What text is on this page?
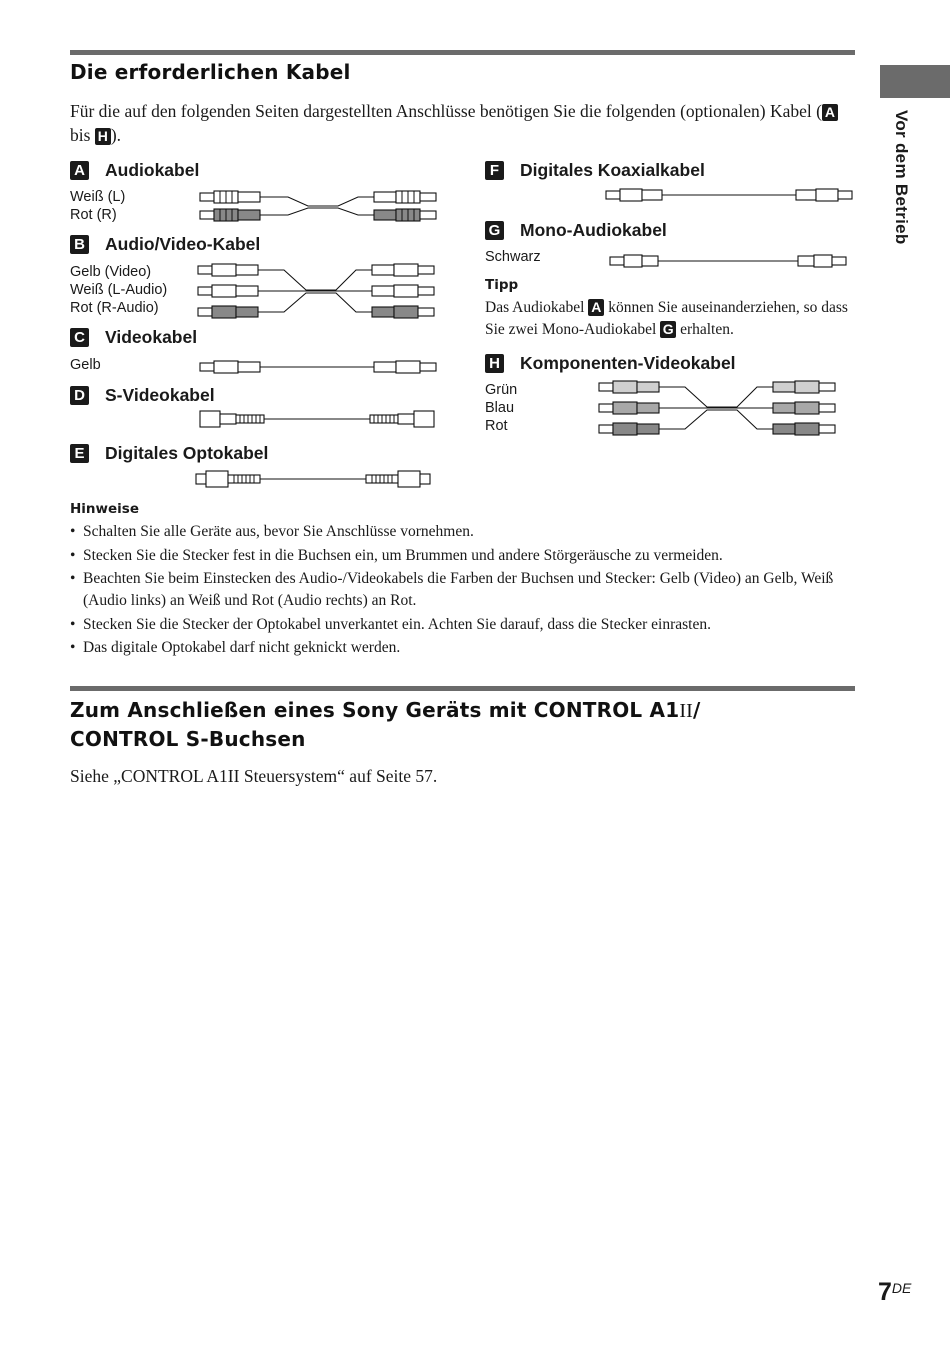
Die erforderlichen Kabel

Für die auf den folgenden Seiten dargestellten Anschlüsse benötigen Sie die folgenden (optionalen) Kabel ( A bis H ).	Vor dem Betrieb
A Audiokabel
Weiß (L)
Rot (R)
B Audio/Video-Kabel
Gelb (Video)
Weiß (L-Audio)
Rot (R-Audio)
C Videokabel
Gelb
D S-Videokabel
E Digitales Optokabel
F Digitales Koaxialkabel
G Mono-Audiokabel
Schwarz
Tipp

Das Audiokabel A können Sie auseinanderziehen, so dass Sie zwei Mono-Audiokabel G erhalten.

H Komponenten-Videokabel
Grün
Blau
Rot
Hinweise
• Schalten Sie alle Geräte aus, bevor Sie Anschlüsse vornehmen.
• Stecken Sie die Stecker fest in die Buchsen ein, um Brummen und andere Störgeräusche zu vermeiden.
• Beachten Sie beim Einstecken des Audio-/Videokabels die Farben der Buchsen und Stecker: Gelb (Video) an Gelb, Weiß (Audio links) an Weiß und Rot (Audio rechts) an Rot.
• Stecken Sie die Stecker der Optokabel unverkantet ein. Achten Sie darauf, dass die Stecker einrasten.
• Das digitale Optokabel darf nicht geknickt werden.
Zum Anschließen eines Sony Geräts mit CONTROL A1II/
CONTROL S-Buchsen

Siehe „CONTROL A1II Steuersystem“ auf Seite 57.

7DE
